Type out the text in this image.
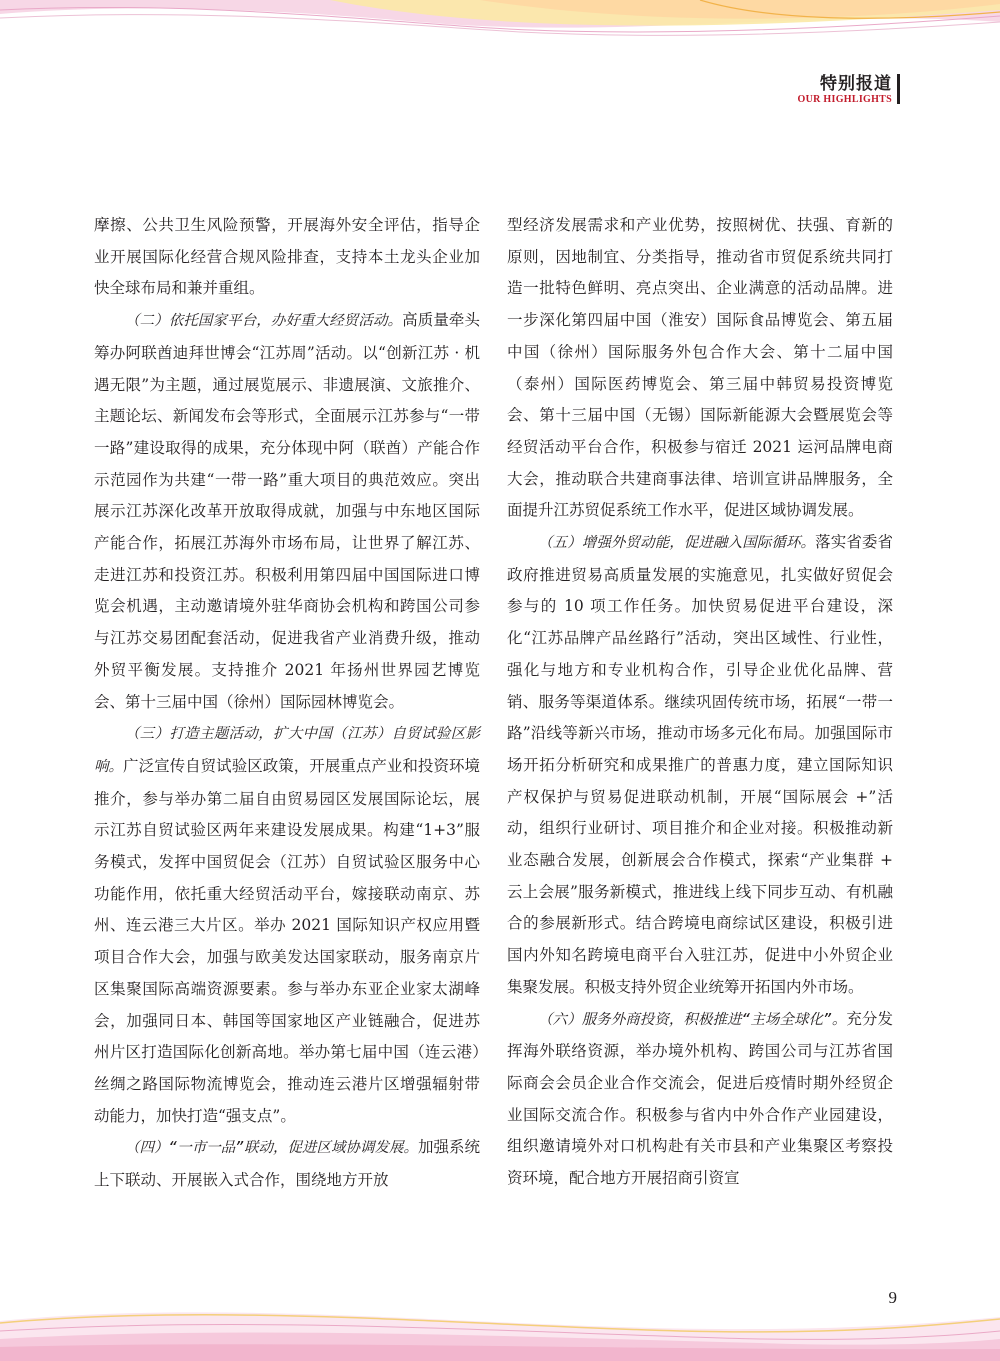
特别报道
OUR HIGHLIGHTS

摩擦、公共卫生风险预警，开展海外安全评估，指导企业开展国际化经营合规风险排查，支持本土龙头企业加快全球布局和兼并重组。

（二）依托国家平台，办好重大经贸活动。高质量牵头筹办阿联酋迪拜世博会“江苏周”活动。以“创新江苏 · 机遇无限”为主题，通过展览展示、非遗展演、文旅推介、主题论坛、新闻发布会等形式，全面展示江苏参与“一带一路”建设取得的成果，充分体现中阿（联酋）产能合作示范园作为共建“一带一路”重大项目的典范效应。突出展示江苏深化改革开放取得成就，加强与中东地区国际产能合作，拓展江苏海外市场布局，让世界了解江苏、走进江苏和投资江苏。积极利用第四届中国国际进口博览会机遇，主动邀请境外驻华商协会机构和跨国公司参与江苏交易团配套活动，促进我省产业消费升级，推动外贸平衡发展。支持推介 2021 年扬州世界园艺博览会、第十三届中国（徐州）国际园林博览会。

（三）打造主题活动，扩大中国（江苏）自贸试验区影响。广泛宣传自贸试验区政策，开展重点产业和投资环境推介，参与举办第二届自由贸易园区发展国际论坛，展示江苏自贸试验区两年来建设发展成果。构建“1+3”服务模式，发挥中国贸促会（江苏）自贸试验区服务中心功能作用，依托重大经贸活动平台，嫁接联动南京、苏州、连云港三大片区。举办 2021 国际知识产权应用暨项目合作大会，加强与欧美发达国家联动，服务南京片区集聚国际高端资源要素。参与举办东亚企业家太湖峰会，加强同日本、韩国等国家地区产业链融合，促进苏州片区打造国际化创新高地。举办第七届中国（连云港）丝绸之路国际物流博览会，推动连云港片区增强辐射带动能力，加快打造“强支点”。

（四）“一市一品”联动，促进区域协调发展。加强系统上下联动、开展嵌入式合作，围绕地方开放

型经济发展需求和产业优势，按照树优、扶强、育新的原则，因地制宜、分类指导，推动省市贸促系统共同打造一批特色鲜明、亮点突出、企业满意的活动品牌。进一步深化第四届中国（淮安）国际食品博览会、第五届中国（徐州）国际服务外包合作大会、第十二届中国（泰州）国际医药博览会、第三届中韩贸易投资博览会、第十三届中国（无锡）国际新能源大会暨展览会等经贸活动平台合作，积极参与宿迁 2021 运河品牌电商大会，推动联合共建商事法律、培训宣讲品牌服务，全面提升江苏贸促系统工作水平，促进区域协调发展。

（五）增强外贸动能，促进融入国际循环。落实省委省政府推进贸易高质量发展的实施意见，扎实做好贸促会参与的 10 项工作任务。加快贸易促进平台建设，深化“江苏品牌产品丝路行”活动，突出区域性、行业性，强化与地方和专业机构合作，引导企业优化品牌、营销、服务等渠道体系。继续巩固传统市场，拓展“一带一路”沿线等新兴市场，推动市场多元化布局。加强国际市场开拓分析研究和成果推广的普惠力度，建立国际知识产权保护与贸易促进联动机制，开展“国际展会 +”活动，组织行业研讨、项目推介和企业对接。积极推动新业态融合发展，创新展会合作模式，探索“产业集群 + 云上会展”服务新模式，推进线上线下同步互动、有机融合的参展新形式。结合跨境电商综试区建设，积极引进国内外知名跨境电商平台入驻江苏，促进中小外贸企业集聚发展。积极支持外贸企业统筹开拓国内外市场。

（六）服务外商投资，积极推进“主场全球化”。充分发挥海外联络资源，举办境外机构、跨国公司与江苏省国际商会会员企业合作交流会，促进后疫情时期外经贸企业国际交流合作。积极参与省内中外合作产业园建设，组织邀请境外对口机构赴有关市县和产业集聚区考察投资环境，配合地方开展招商引资宣

9
